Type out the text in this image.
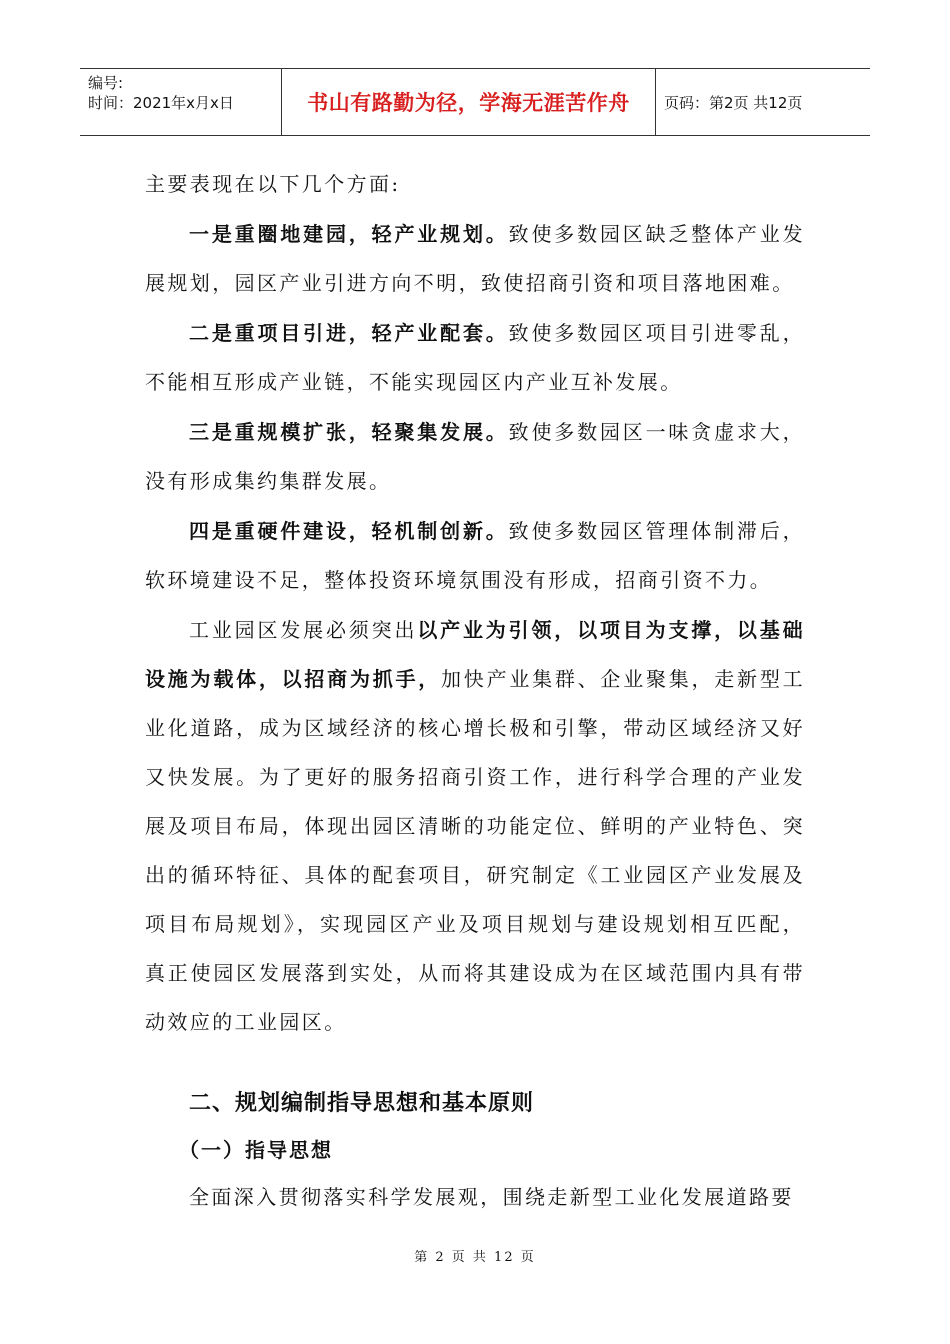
编号:
时间：2021年x月x日	书山有路勤为径，学海无涯苦作舟	页码：第2页 共12页

主要表现在以下几个方面:

一是重圈地建园，轻产业规划。致使多数园区缺乏整体产业发展规划，园区产业引进方向不明，致使招商引资和项目落地困难。

二是重项目引进，轻产业配套。致使多数园区项目引进零乱，不能相互形成产业链，不能实现园区内产业互补发展。

三是重规模扩张，轻聚集发展。致使多数园区一味贪虚求大，没有形成集约集群发展。

四是重硬件建设，轻机制创新。致使多数园区管理体制滞后，软环境建设不足，整体投资环境氛围没有形成，招商引资不力。

工业园区发展必须突出以产业为引领，以项目为支撑，以基础设施为载体，以招商为抓手，加快产业集群、企业聚集，走新型工业化道路，成为区域经济的核心增长极和引擎，带动区域经济又好又快发展。为了更好的服务招商引资工作，进行科学合理的产业发展及项目布局，体现出园区清晰的功能定位、鲜明的产业特色、突出的循环特征、具体的配套项目，研究制定《工业园区产业发展及项目布局规划》，实现园区产业及项目规划与建设规划相互匹配，真正使园区发展落到实处，从而将其建设成为在区域范围内具有带动效应的工业园区。

二、规划编制指导思想和基本原则
（一）指导思想

全面深入贯彻落实科学发展观，围绕走新型工业化发展道路要

第 2 页 共 12 页
